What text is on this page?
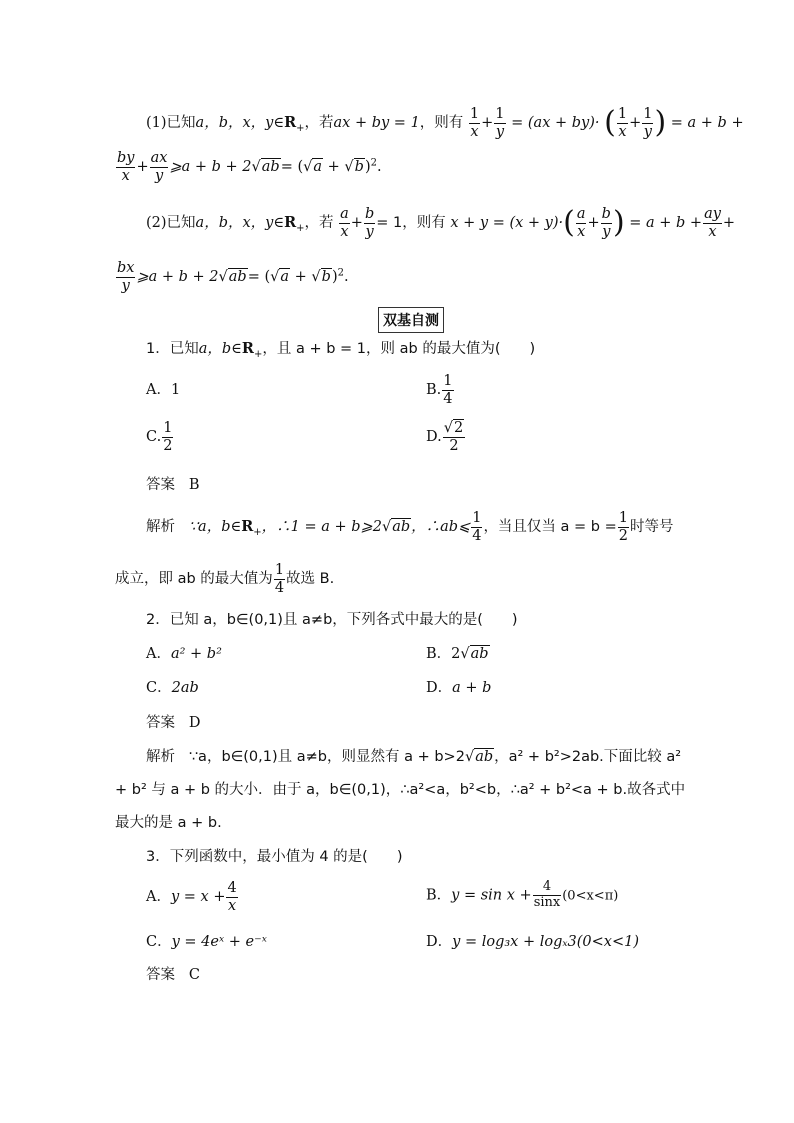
(1)已知a，b，x，$y\in R_+$，若ax + by = 1，则有 $\frac{1}{x} + \frac{1}{y} = (ax + by)\cdot$ ( $\frac{1}{x} + \frac{1}{y}$ ) = a + b +
$\frac{by}{x} + \frac{ax}{y}$ ⩾a + $b + 2√ab= (√a + √b)^2$.
(2)已知a，b，x，$y\in R_+$，若 $\frac{a}{x} + \frac{b}{y} = 1$，则有 $x + y = (x + y)\cdot( \frac{a}{x} + \frac{b}{y}$ ) = $a + b + \frac{ay}{x}$ +
$\frac{bx}{y}$ ⩾a + $b + 2√ab= (√a + √b)^2$.
双基自测
1．已知a，$b\in R_+$，且 a + b = 1，则 ab 的最大值为(　　)
A．1	B. $\frac{1}{4}$
C. $\frac{1}{2}$	D. $\frac{√2}{2}$
答案 B
解析 ∵a，$b\in R_+$，∴1 = a + b⩾2√ab，∴ab⩽ $\frac{1}{4}$ ，当且仅当 $a = b = \frac{1}{2}$ 时等号
成立，即 ab 的最大值为 $\frac{1}{4}$ 故选 B.
2．已知 a，b∈(0,1)且 a≠b，下列各式中最大的是(　　)
A．a² + b²	B．2√ab
C．2ab	D．a + b
答案 D
解析 ∵a，b∈(0,1)且 a≠b，则显然有 a + b>2√ab，a² + b²>2ab.下面比较 a²
+ b² 与 a + b 的大小．由于 a，b∈(0,1)，∴a²<a，b²<b，∴a² + b²<a + b.故各式中
最大的是 a + b.
3．下列函数中，最小值为 4 的是(　　)
A．$y = x + \frac{4}{x}$	B．$y = \sin x + \frac{4}{\sin x} (0<x<\pi)$
C．y = 4eˣ + e⁻ˣ	D．y = log₃x + logₓ3(0<x<1)
答案 C
